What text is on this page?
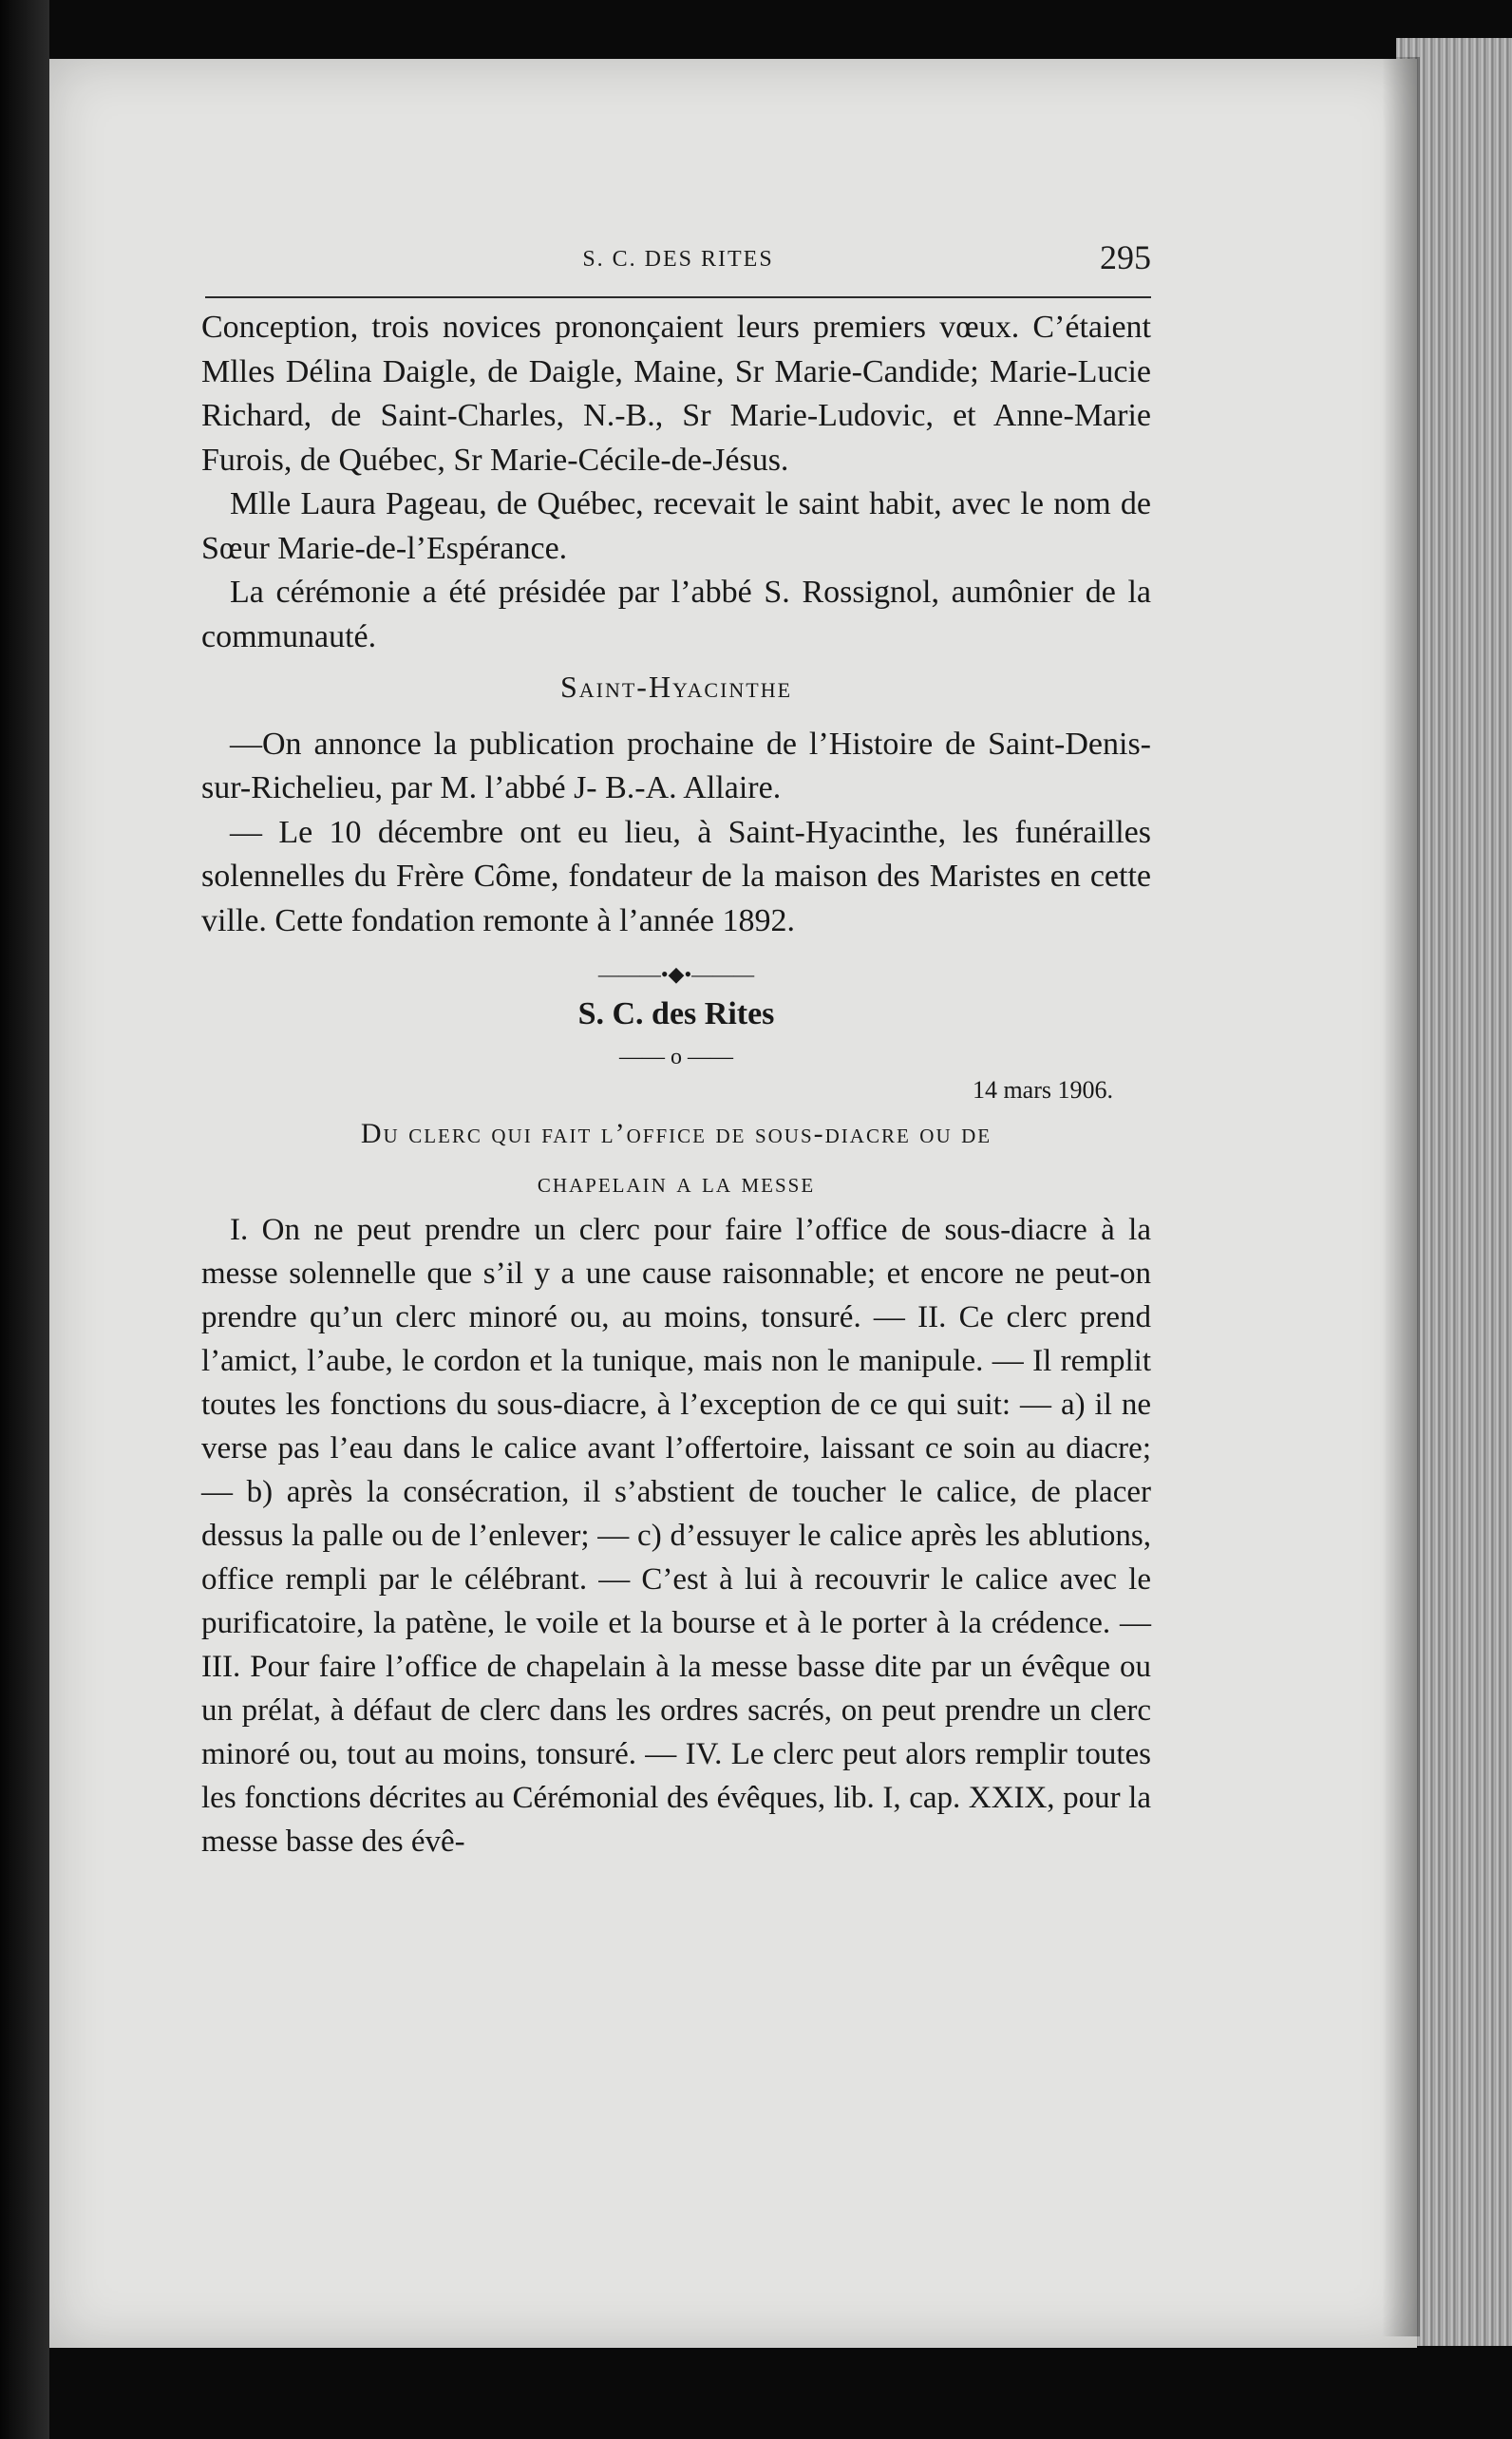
S. C. DES RITES	295

Conception, trois novices prononçaient leurs premiers vœux. C’étaient Mlles Délina Daigle, de Daigle, Maine, Sr Marie-Candide; Marie-Lucie Richard, de Saint-Charles, N.-B., Sr Marie-Ludovic, et Anne-Marie Furois, de Québec, Sr Marie-Cécile-de-Jésus.

Mlle Laura Pageau, de Québec, recevait le saint habit, avec le nom de Sœur Marie-de-l’Espérance.

La cérémonie a été présidée par l’abbé S. Rossignol, aumônier de la communauté.

Saint-Hyacinthe

—On annonce la publication prochaine de l’Histoire de Saint-Denis-sur-Richelieu, par M. l’abbé J- B.-A. Allaire.

— Le 10 décembre ont eu lieu, à Saint-Hyacinthe, les funérailles solennelles du Frère Côme, fondateur de la maison des Maristes en cette ville. Cette fondation remonte à l’année 1892.

———•◆•———
S. C. des Rites
—— o ——
14 mars 1906.
Du clerc qui fait l’office de sous-diacre ou de
chapelain a la messe

I. On ne peut prendre un clerc pour faire l’office de sous-diacre à la messe solennelle que s’il y a une cause raisonnable; et encore ne peut-on prendre qu’un clerc minoré ou, au moins, tonsuré. — II. Ce clerc prend l’amict, l’aube, le cordon et la tunique, mais non le manipule. — Il remplit toutes les fonctions du sous-diacre, à l’exception de ce qui suit: — a) il ne verse pas l’eau dans le calice avant l’offertoire, laissant ce soin au diacre; — b) après la consécration, il s’abstient de toucher le calice, de placer dessus la palle ou de l’enlever; — c) d’essuyer le calice après les ablutions, office rempli par le célébrant. — C’est à lui à recouvrir le calice avec le purificatoire, la patène, le voile et la bourse et à le porter à la crédence. — III. Pour faire l’office de chapelain à la messe basse dite par un évêque ou un prélat, à défaut de clerc dans les ordres sacrés, on peut prendre un clerc minoré ou, tout au moins, tonsuré. — IV. Le clerc peut alors remplir toutes les fonctions décrites au Cérémonial des évêques, lib. I, cap. XXIX, pour la messe basse des évê-
